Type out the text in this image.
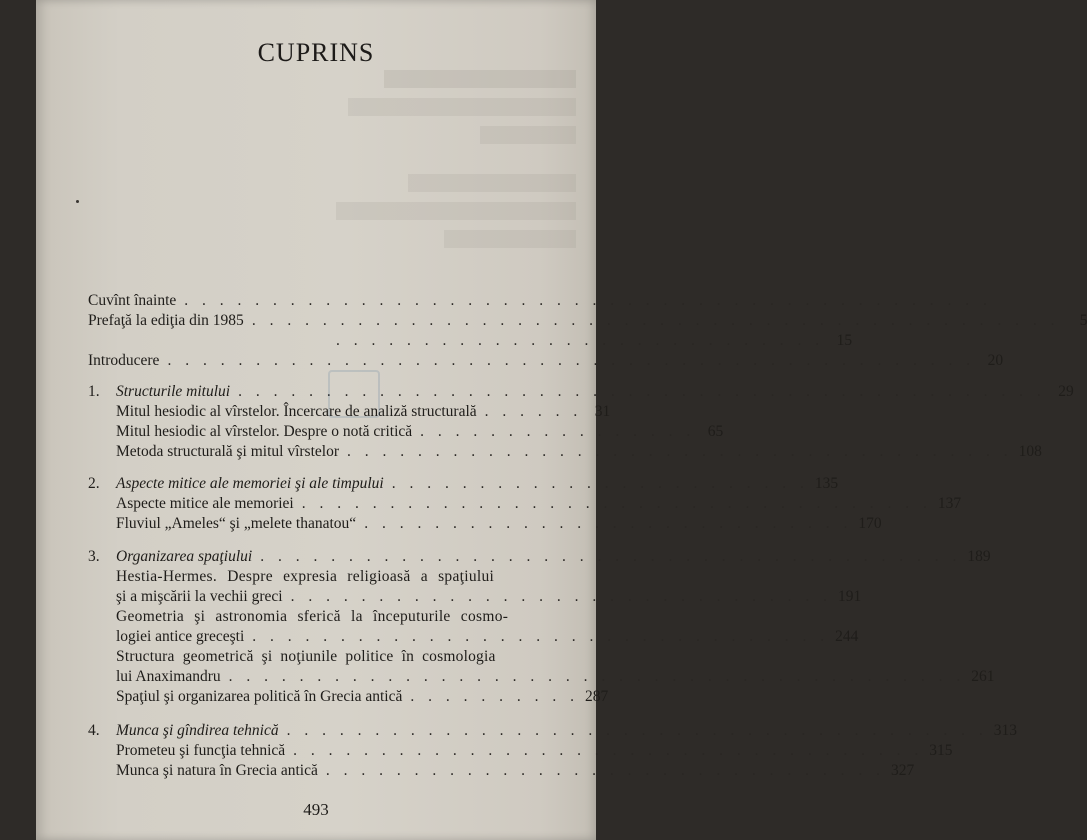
CUPRINS
Cuvînt înainte . . . . . . . . . . . . . . . . . . . . . . . . . . . . . . . . . . . . . . . . . . . . . .
Prefaţă la ediţia din 1985 . . . . . . . . . . . . . . . . . . . . . . . . . . . . . . . . . . . . . . . . . . . . . .	5
. . . . . . . . . . . . . . . . . . . . . . . . . . . . 15
Introducere . . . . . . . . . . . . . . . . . . . . . . . . . . . . . . . . . . . . . . . . . . . . . . 20
1. Structurile mitului . . . . . . . . . . . . . . . . . . . . . . . . . . . . . . . . . . . . . . . . . . . . . . 29
Mitul hesiodic al vîrstelor. Încercare de analiză structurală . . . . . . 31
Mitul hesiodic al vîrstelor. Despre o notă critică . . . . . . . . . . . . . . . . 65
Metoda structurală şi mitul vîrstelor . . . . . . . . . . . . . . . . . . . . . . . . . . . . . . . . . . . . . . 108
2. Aspecte mitice ale memoriei şi ale timpului . . . . . . . . . . . . . . . . . . . . . . . . 135
Aspecte mitice ale memoriei . . . . . . . . . . . . . . . . . . . . . . . . . . . . . . . . . . . . 137
Fluviul „Ameles“ şi „melete thanatou“ . . . . . . . . . . . . . . . . . . . . . . . . . . . . 170
3. Organizarea spaţiului . . . . . . . . . . . . . . . . . . . . . . . . . . . . . . . . . . . . . . . . 189
Hestia-Hermes. Despre expresia religioasă a spaţiului
şi a mişcării la vechii greci . . . . . . . . . . . . . . . . . . . . . . . . . . . . . . . 191
Geometria şi astronomia sferică la începuturile cosmo-
logiei antice greceşti . . . . . . . . . . . . . . . . . . . . . . . . . . . . . . . . . 244
Structura geometrică şi noţiunile politice în cosmologia
lui Anaximandru . . . . . . . . . . . . . . . . . . . . . . . . . . . . . . . . . . . . . . . . . . 261
Spaţiul şi organizarea politică în Grecia antică . . . . . . . . . . 287
4. Munca şi gîndirea tehnică . . . . . . . . . . . . . . . . . . . . . . . . . . . . . . . . . . . . . . . . 313
Prometeu şi funcţia tehnică . . . . . . . . . . . . . . . . . . . . . . . . . . . . . . . . . . . . 315
Munca şi natura în Grecia antică . . . . . . . . . . . . . . . . . . . . . . . . . . . . . . . . 327
493
